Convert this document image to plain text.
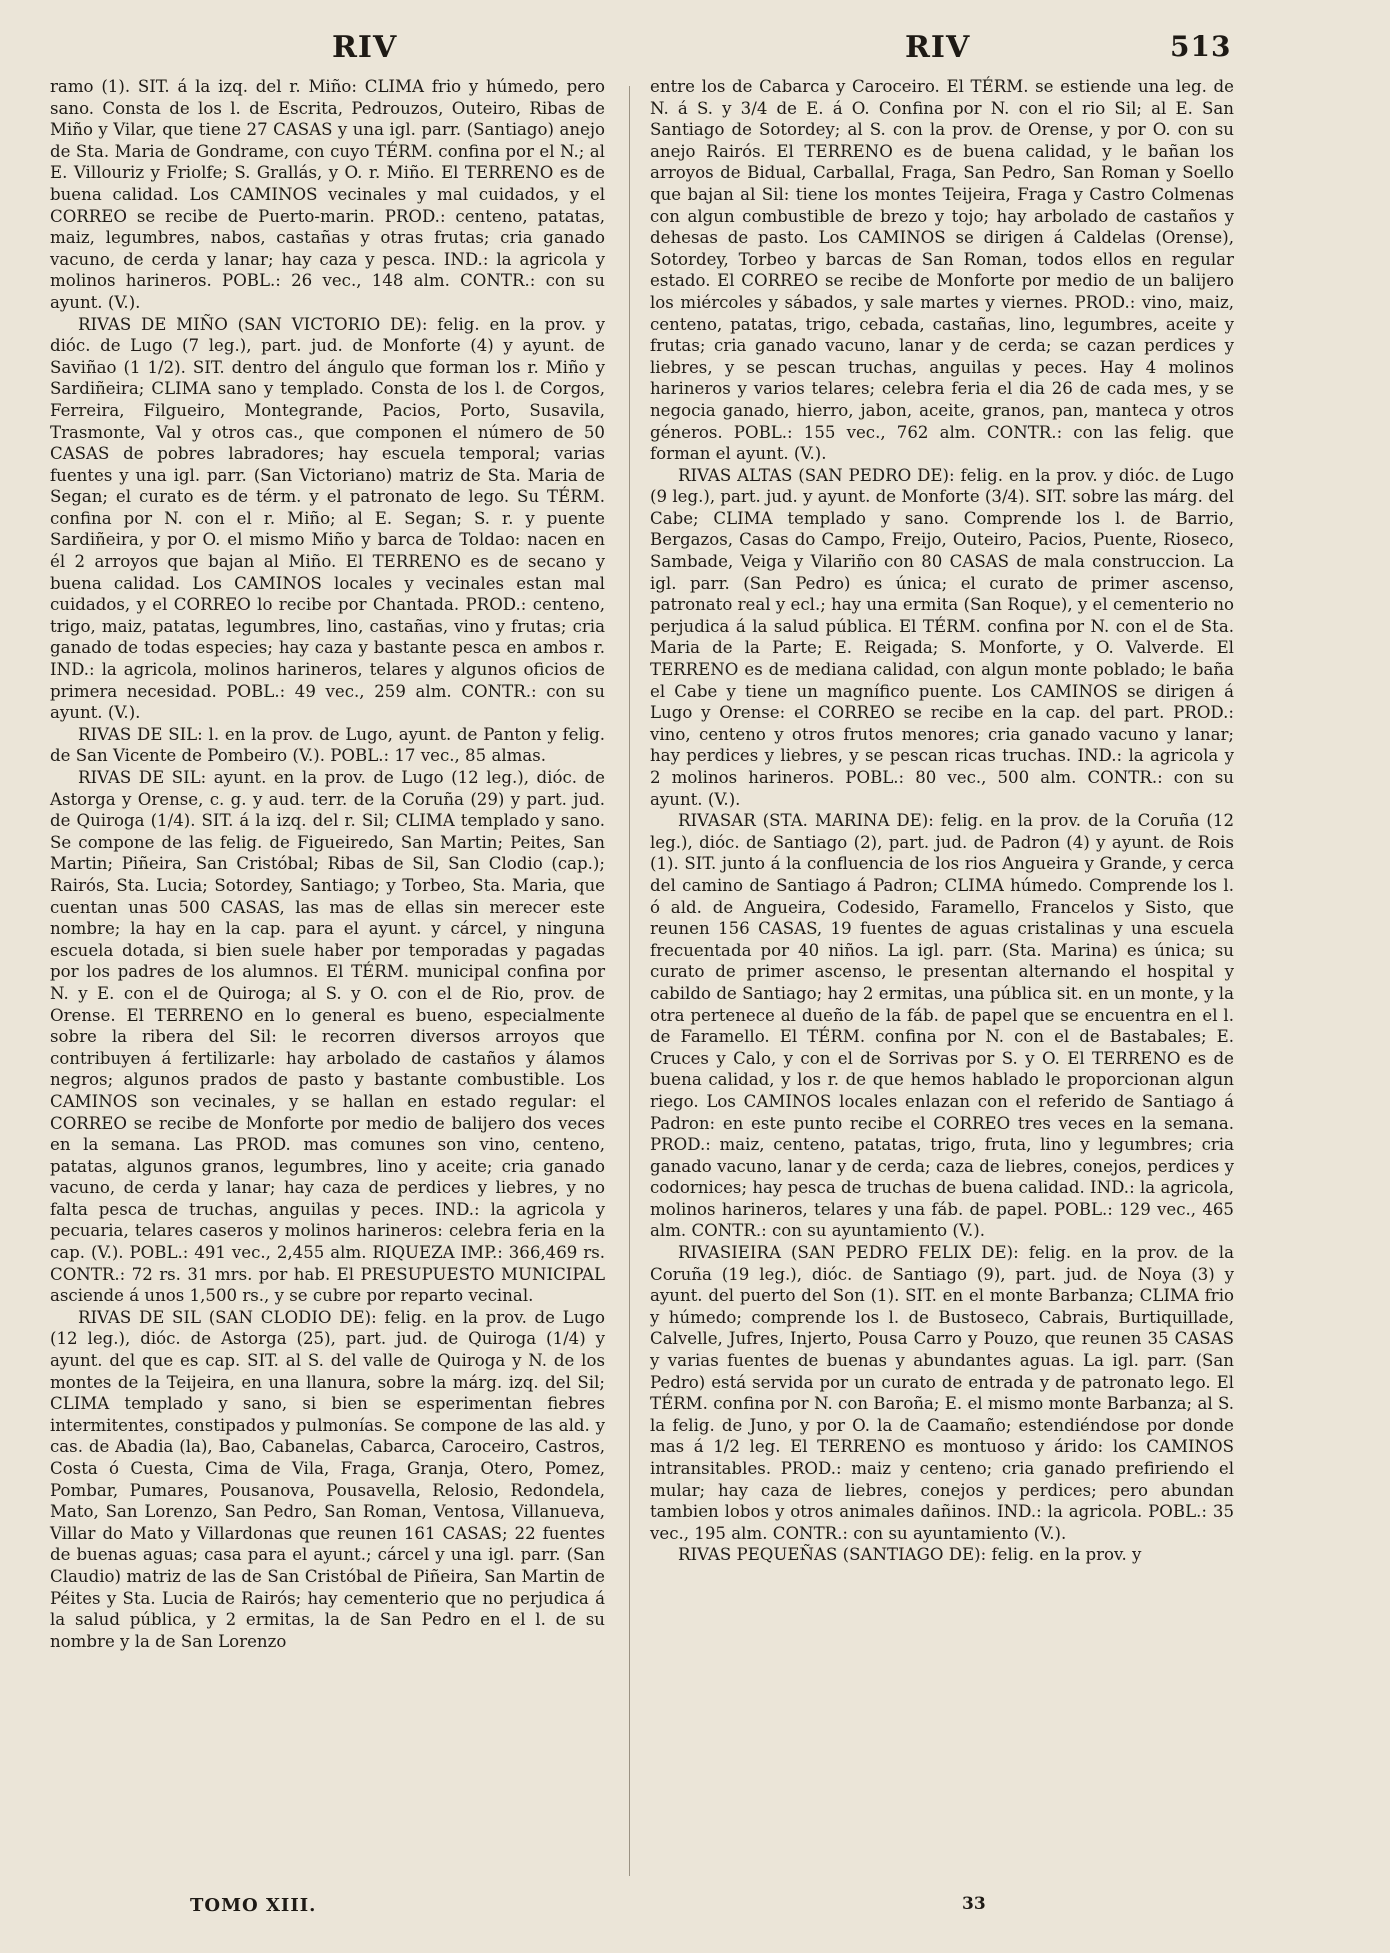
RIV	RIV	513

ramo (1). SIT. á la izq. del r. Miño: CLIMA frio y húmedo, pero sano. Consta de los l. de Escrita, Pedrouzos, Outeiro, Ribas de Miño y Vilar, que tiene 27 CASAS y una igl. parr. (Santiago) anejo de Sta. Maria de Gondrame, con cuyo TÉRM. confina por el N.; al E. Villouriz y Friolfe; S. Grallás, y O. r. Miño. El TERRENO es de buena calidad. Los CAMINOS vecinales y mal cuidados, y el CORREO se recibe de Puerto-marin. PROD.: centeno, patatas, maiz, legumbres, nabos, castañas y otras frutas; cria ganado vacuno, de cerda y lanar; hay caza y pesca. IND.: la agricola y molinos harineros. POBL.: 26 vec., 148 alm. CONTR.: con su ayunt. (V.).

RIVAS DE MIÑO (SAN VICTORIO DE): felig. en la prov. y dióc. de Lugo (7 leg.), part. jud. de Monforte (4) y ayunt. de Saviñao (1 1/2). SIT. dentro del ángulo que forman los r. Miño y Sardiñeira; CLIMA sano y templado. Consta de los l. de Corgos, Ferreira, Filgueiro, Montegrande, Pacios, Porto, Susavila, Trasmonte, Val y otros cas., que componen el número de 50 CASAS de pobres labradores; hay escuela temporal; varias fuentes y una igl. parr. (San Victoriano) matriz de Sta. Maria de Segan; el curato es de térm. y el patronato de lego. Su TÉRM. confina por N. con el r. Miño; al E. Segan; S. r. y puente Sardiñeira, y por O. el mismo Miño y barca de Toldao: nacen en él 2 arroyos que bajan al Miño. El TERRENO es de secano y buena calidad. Los CAMINOS locales y vecinales estan mal cuidados, y el CORREO lo recibe por Chantada. PROD.: centeno, trigo, maiz, patatas, legumbres, lino, castañas, vino y frutas; cria ganado de todas especies; hay caza y bastante pesca en ambos r. IND.: la agricola, molinos harineros, telares y algunos oficios de primera necesidad. POBL.: 49 vec., 259 alm. CONTR.: con su ayunt. (V.).

RIVAS DE SIL: l. en la prov. de Lugo, ayunt. de Panton y felig. de San Vicente de Pombeiro (V.). POBL.: 17 vec., 85 almas.

RIVAS DE SIL: ayunt. en la prov. de Lugo (12 leg.), dióc. de Astorga y Orense, c. g. y aud. terr. de la Coruña (29) y part. jud. de Quiroga (1/4). SIT. á la izq. del r. Sil; CLIMA templado y sano. Se compone de las felig. de Figueiredo, San Martin; Peites, San Martin; Piñeira, San Cristóbal; Ribas de Sil, San Clodio (cap.); Rairós, Sta. Lucia; Sotordey, Santiago; y Torbeo, Sta. Maria, que cuentan unas 500 CASAS, las mas de ellas sin merecer este nombre; la hay en la cap. para el ayunt. y cárcel, y ninguna escuela dotada, si bien suele haber por temporadas y pagadas por los padres de los alumnos. El TÉRM. municipal confina por N. y E. con el de Quiroga; al S. y O. con el de Rio, prov. de Orense. El TERRENO en lo general es bueno, especialmente sobre la ribera del Sil: le recorren diversos arroyos que contribuyen á fertilizarle: hay arbolado de castaños y álamos negros; algunos prados de pasto y bastante combustible. Los CAMINOS son vecinales, y se hallan en estado regular: el CORREO se recibe de Monforte por medio de balijero dos veces en la semana. Las PROD. mas comunes son vino, centeno, patatas, algunos granos, legumbres, lino y aceite; cria ganado vacuno, de cerda y lanar; hay caza de perdices y liebres, y no falta pesca de truchas, anguilas y peces. IND.: la agricola y pecuaria, telares caseros y molinos harineros: celebra feria en la cap. (V.). POBL.: 491 vec., 2,455 alm. RIQUEZA IMP.: 366,469 rs. CONTR.: 72 rs. 31 mrs. por hab. El PRESUPUESTO MUNICIPAL asciende á unos 1,500 rs., y se cubre por reparto vecinal.

RIVAS DE SIL (SAN CLODIO DE): felig. en la prov. de Lugo (12 leg.), dióc. de Astorga (25), part. jud. de Quiroga (1/4) y ayunt. del que es cap. SIT. al S. del valle de Quiroga y N. de los montes de la Teijeira, en una llanura, sobre la márg. izq. del Sil; CLIMA templado y sano, si bien se esperimentan fiebres intermitentes, constipados y pulmonías. Se compone de las ald. y cas. de Abadia (la), Bao, Cabanelas, Cabarca, Caroceiro, Castros, Costa ó Cuesta, Cima de Vila, Fraga, Granja, Otero, Pomez, Pombar, Pumares, Pousanova, Pousavella, Relosio, Redondela, Mato, San Lorenzo, San Pedro, San Roman, Ventosa, Villanueva, Villar do Mato y Villardonas que reunen 161 CASAS; 22 fuentes de buenas aguas; casa para el ayunt.; cárcel y una igl. parr. (San Claudio) matriz de las de San Cristóbal de Piñeira, San Martin de Péites y Sta. Lucia de Rairós; hay cementerio que no perjudica á la salud pública, y 2 ermitas, la de San Pedro en el l. de su nombre y la de San Lorenzo

entre los de Cabarca y Caroceiro. El TÉRM. se estiende una leg. de N. á S. y 3/4 de E. á O. Confina por N. con el rio Sil; al E. San Santiago de Sotordey; al S. con la prov. de Orense, y por O. con su anejo Rairós. El TERRENO es de buena calidad, y le bañan los arroyos de Bidual, Carballal, Fraga, San Pedro, San Roman y Soello que bajan al Sil: tiene los montes Teijeira, Fraga y Castro Colmenas con algun combustible de brezo y tojo; hay arbolado de castaños y dehesas de pasto. Los CAMINOS se dirigen á Caldelas (Orense), Sotordey, Torbeo y barcas de San Roman, todos ellos en regular estado. El CORREO se recibe de Monforte por medio de un balijero los miércoles y sábados, y sale martes y viernes. PROD.: vino, maiz, centeno, patatas, trigo, cebada, castañas, lino, legumbres, aceite y frutas; cria ganado vacuno, lanar y de cerda; se cazan perdices y liebres, y se pescan truchas, anguilas y peces. Hay 4 molinos harineros y varios telares; celebra feria el dia 26 de cada mes, y se negocia ganado, hierro, jabon, aceite, granos, pan, manteca y otros géneros. POBL.: 155 vec., 762 alm. CONTR.: con las felig. que forman el ayunt. (V.).

RIVAS ALTAS (SAN PEDRO DE): felig. en la prov. y dióc. de Lugo (9 leg.), part. jud. y ayunt. de Monforte (3/4). SIT. sobre las márg. del Cabe; CLIMA templado y sano. Comprende los l. de Barrio, Bergazos, Casas do Campo, Freijo, Outeiro, Pacios, Puente, Rioseco, Sambade, Veiga y Vilariño con 80 CASAS de mala construccion. La igl. parr. (San Pedro) es única; el curato de primer ascenso, patronato real y ecl.; hay una ermita (San Roque), y el cementerio no perjudica á la salud pública. El TÉRM. confina por N. con el de Sta. Maria de la Parte; E. Reigada; S. Monforte, y O. Valverde. El TERRENO es de mediana calidad, con algun monte poblado; le baña el Cabe y tiene un magnífico puente. Los CAMINOS se dirigen á Lugo y Orense: el CORREO se recibe en la cap. del part. PROD.: vino, centeno y otros frutos menores; cria ganado vacuno y lanar; hay perdices y liebres, y se pescan ricas truchas. IND.: la agricola y 2 molinos harineros. POBL.: 80 vec., 500 alm. CONTR.: con su ayunt. (V.).

RIVASAR (STA. MARINA DE): felig. en la prov. de la Coruña (12 leg.), dióc. de Santiago (2), part. jud. de Padron (4) y ayunt. de Rois (1). SIT. junto á la confluencia de los rios Angueira y Grande, y cerca del camino de Santiago á Padron; CLIMA húmedo. Comprende los l. ó ald. de Angueira, Codesido, Faramello, Francelos y Sisto, que reunen 156 CASAS, 19 fuentes de aguas cristalinas y una escuela frecuentada por 40 niños. La igl. parr. (Sta. Marina) es única; su curato de primer ascenso, le presentan alternando el hospital y cabildo de Santiago; hay 2 ermitas, una pública sit. en un monte, y la otra pertenece al dueño de la fáb. de papel que se encuentra en el l. de Faramello. El TÉRM. confina por N. con el de Bastabales; E. Cruces y Calo, y con el de Sorrivas por S. y O. El TERRENO es de buena calidad, y los r. de que hemos hablado le proporcionan algun riego. Los CAMINOS locales enlazan con el referido de Santiago á Padron: en este punto recibe el CORREO tres veces en la semana. PROD.: maiz, centeno, patatas, trigo, fruta, lino y legumbres; cria ganado vacuno, lanar y de cerda; caza de liebres, conejos, perdices y codornices; hay pesca de truchas de buena calidad. IND.: la agricola, molinos harineros, telares y una fáb. de papel. POBL.: 129 vec., 465 alm. CONTR.: con su ayuntamiento (V.).

RIVASIEIRA (SAN PEDRO FELIX DE): felig. en la prov. de la Coruña (19 leg.), dióc. de Santiago (9), part. jud. de Noya (3) y ayunt. del puerto del Son (1). SIT. en el monte Barbanza; CLIMA frio y húmedo; comprende los l. de Bustoseco, Cabrais, Burtiquillade, Calvelle, Jufres, Injerto, Pousa Carro y Pouzo, que reunen 35 CASAS y varias fuentes de buenas y abundantes aguas. La igl. parr. (San Pedro) está servida por un curato de entrada y de patronato lego. El TÉRM. confina por N. con Baroña; E. el mismo monte Barbanza; al S. la felig. de Juno, y por O. la de Caamaño; estendiéndose por donde mas á 1/2 leg. El TERRENO es montuoso y árido: los CAMINOS intransitables. PROD.: maiz y centeno; cria ganado prefiriendo el mular; hay caza de liebres, conejos y perdices; pero abundan tambien lobos y otros animales dañinos. IND.: la agricola. POBL.: 35 vec., 195 alm. CONTR.: con su ayuntamiento (V.).

RIVAS PEQUEÑAS (SANTIAGO DE): felig. en la prov. y

TOMO XIII.	33
